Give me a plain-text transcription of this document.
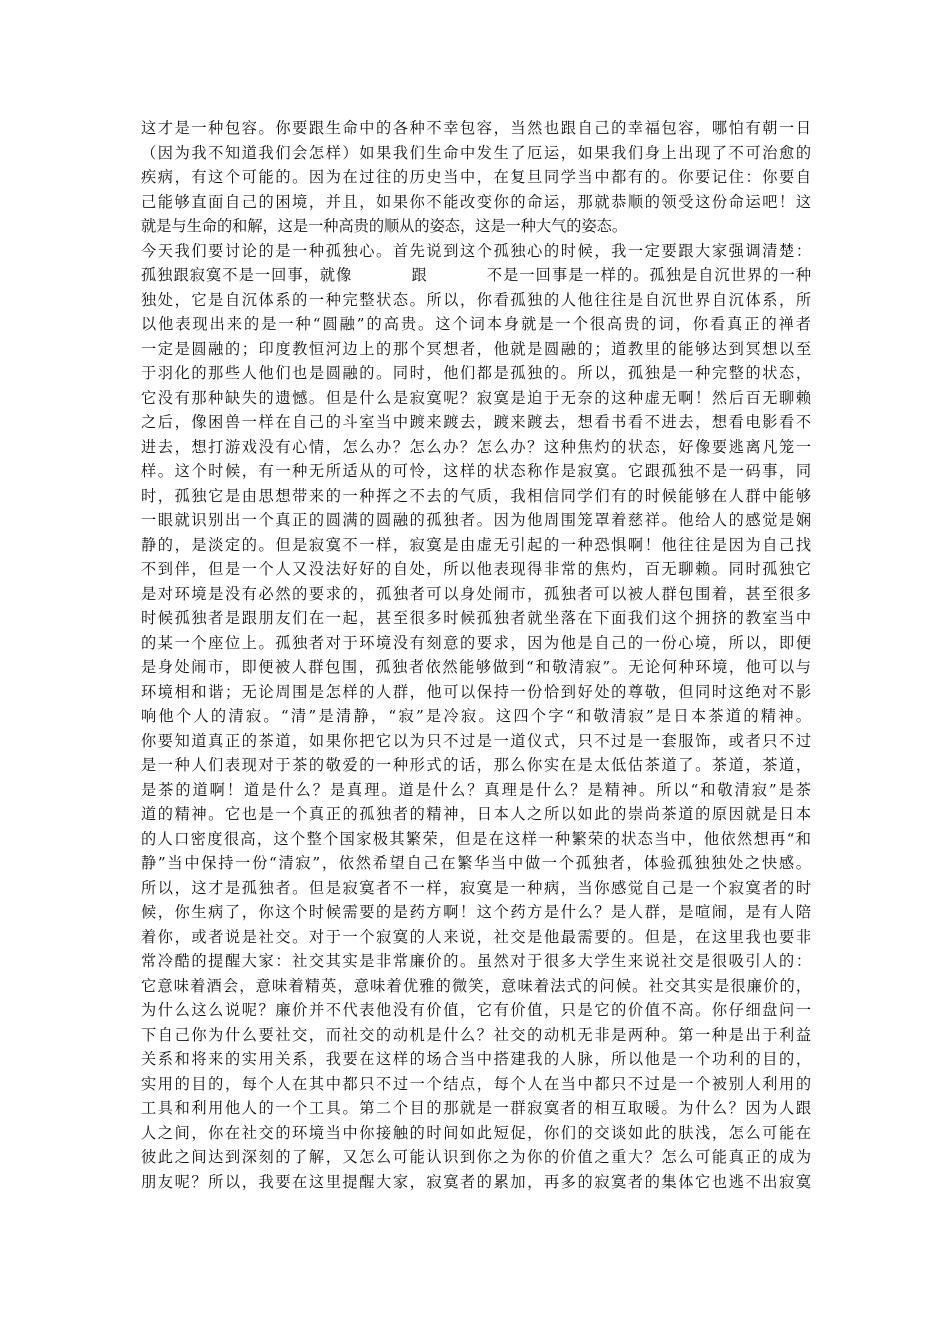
这才是一种包容。你要跟生命中的各种不幸包容，当然也跟自己的幸福包容，哪怕有朝一日
（因为我不知道我们会怎样）如果我们生命中发生了厄运，如果我们身上出现了不可治愈的
疾病，有这个可能的。因为在过往的历史当中，在复旦同学当中都有的。你要记住：你要自
己能够直面自己的困境，并且，如果你不能改变你的命运，那就恭顺的领受这份命运吧！这
就是与生命的和解，这是一种高贵的顺从的姿态，这是一种大气的姿态。
今天我们要讨论的是一种孤独心。首先说到这个孤独心的时候，我一定要跟大家强调清楚：
孤独跟寂寞不是一回事，就像	跟	不是一回事是一样的。孤独是自沉世界的一种
独处，它是自沉体系的一种完整状态。所以，你看孤独的人他往往是自沉世界自沉体系，所
以他表现出来的是一种“圆融”的高贵。这个词本身就是一个很高贵的词，你看真正的禅者
一定是圆融的；印度教恒河边上的那个冥想者，他就是圆融的；道教里的能够达到冥想以至
于羽化的那些人他们也是圆融的。同时，他们都是孤独的。所以，孤独是一种完整的状态，
它没有那种缺失的遗憾。但是什么是寂寞呢？寂寞是迫于无奈的这种虚无啊！然后百无聊赖
之后，像困兽一样在自己的斗室当中踱来踱去，踱来踱去，想看书看不进去，想看电影看不
进去，想打游戏没有心情，怎么办？怎么办？怎么办？这种焦灼的状态，好像要逃离凡笼一
样。这个时候，有一种无所适从的可怜，这样的状态称作是寂寞。它跟孤独不是一码事，同
时，孤独它是由思想带来的一种挥之不去的气质，我相信同学们有的时候能够在人群中能够
一眼就识别出一个真正的圆满的圆融的孤独者。因为他周围笼罩着慈祥。他给人的感觉是娴
静的，是淡定的。但是寂寞不一样，寂寞是由虚无引起的一种恐惧啊！他往往是因为自己找
不到伴，但是一个人又没法好好的自处，所以他表现得非常的焦灼，百无聊赖。同时孤独它
是对环境是没有必然的要求的，孤独者可以身处闹市，孤独者可以被人群包围着，甚至很多
时候孤独者是跟朋友们在一起，甚至很多时候孤独者就坐落在下面我们这个拥挤的教室当中
的某一个座位上。孤独者对于环境没有刻意的要求，因为他是自己的一份心境，所以，即便
是身处闹市，即便被人群包围，孤独者依然能够做到“和敬清寂”。无论何种环境，他可以与
环境相和谐；无论周围是怎样的人群，他可以保持一份恰到好处的尊敬，但同时这绝对不影
响他个人的清寂。“清”是清静，“寂”是冷寂。这四个字“和敬清寂”是日本茶道的精神。
你要知道真正的茶道，如果你把它以为只不过是一道仪式，只不过是一套服饰，或者只不过
是一种人们表现对于茶的敬爱的一种形式的话，那么你实在是太低估茶道了。茶道，茶道，
是茶的道啊！道是什么？是真理。道是什么？真理是什么？是精神。所以“和敬清寂”是茶
道的精神。它也是一个真正的孤独者的精神，日本人之所以如此的崇尚茶道的原因就是日本
的人口密度很高，这个整个国家极其繁荣，但是在这样一种繁荣的状态当中，他依然想再“和
静”当中保持一份“清寂”，依然希望自己在繁华当中做一个孤独者，体验孤独独处之快感。
所以，这才是孤独者。但是寂寞者不一样，寂寞是一种病，当你感觉自己是一个寂寞者的时
候，你生病了，你这个时候需要的是药方啊！这个药方是什么？是人群，是喧闹，是有人陪
着你，或者说是社交。对于一个寂寞的人来说，社交是他最需要的。但是，在这里我也要非
常冷酷的提醒大家：社交其实是非常廉价的。虽然对于很多大学生来说社交是很吸引人的：
它意味着酒会，意味着精英，意味着优雅的微笑，意味着法式的问候。社交其实是很廉价的，
为什么这么说呢？廉价并不代表他没有价值，它有价值，只是它的价值不高。你仔细盘问一
下自己你为什么要社交，而社交的动机是什么？社交的动机无非是两种。第一种是出于利益
关系和将来的实用关系，我要在这样的场合当中搭建我的人脉，所以他是一个功利的目的，
实用的目的，每个人在其中都只不过一个结点，每个人在当中都只不过是一个被别人利用的
工具和利用他人的一个工具。第二个目的那就是一群寂寞者的相互取暖。为什么？因为人跟
人之间，你在社交的环境当中你接触的时间如此短促，你们的交谈如此的肤浅，怎么可能在
彼此之间达到深刻的了解，又怎么可能认识到你之为你的价值之重大？怎么可能真正的成为
朋友呢？所以，我要在这里提醒大家，寂寞者的累加，再多的寂寞者的集体它也逃不出寂寞
